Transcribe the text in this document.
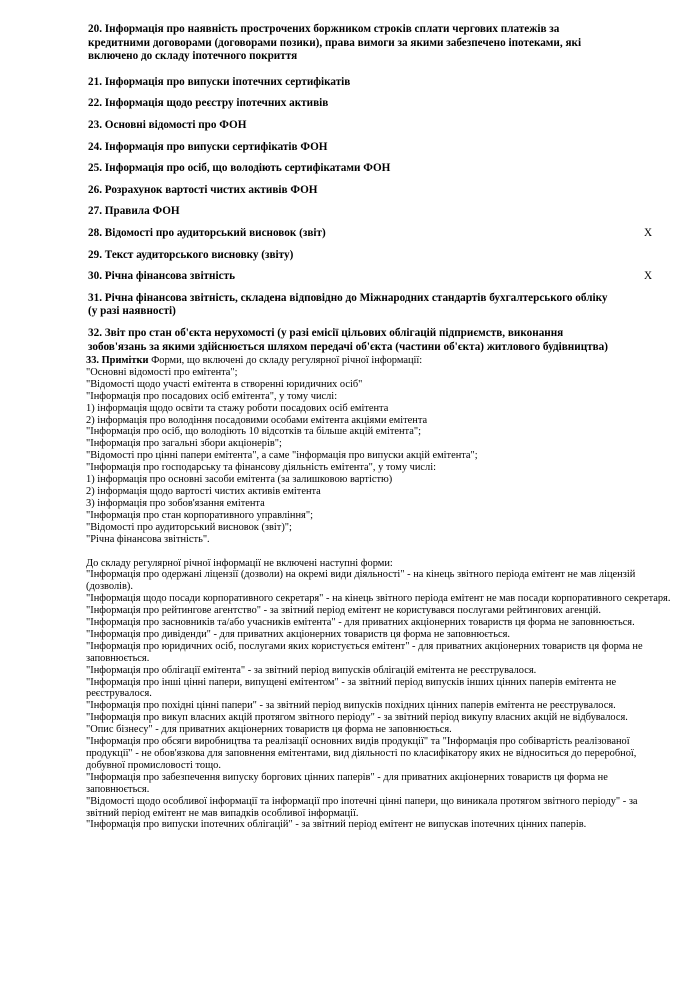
20. Інформація про наявність прострочених боржником строків сплати чергових платежів за кредитними договорами (договорами позики), права вимоги за якими забезпечено іпотеками, які включено до складу іпотечного покриття
21. Інформація про випуски іпотечних сертифікатів
22. Інформація щодо реєстру іпотечних активів
23. Основні відомості про ФОН
24. Інформація про випуски сертифікатів ФОН
25. Інформація про осіб, що володіють сертифікатами ФОН
26. Розрахунок вартості чистих активів ФОН
27. Правила ФОН
28. Відомості про аудиторський висновок (звіт)	X
29. Текст аудиторського висновку (звіту)
30. Річна фінансова звітність	X
31. Річна фінансова звітність, складена відповідно до Міжнародних стандартів бухгалтерського обліку (у разі наявності)
32. Звіт про стан об'єкта нерухомості (у разі емісії цільових облігацій підприємств, виконання зобов'язань за якими здійснюється шляхом передачі об'єкта (частини об'єкта) житлового будівництва)
33. Примітки Форми, що включені до складу регулярної річної інформації:
"Основні відомості про емітента";
"Відомості щодо участі емітента в створенні юридичних осіб"
"Інформація про посадових осіб емітента", у тому числі:
1) інформація щодо освіти та стажу роботи посадових осіб емітента
2) інформація про володіння посадовими особами емітента акціями емітента
"Інформація про осіб, що володіють 10 відсотків та більше акцій емітента";
"Інформація про загальні збори акціонерів";
"Відомості про цінні папери емітента", а саме "інформація про випуски акцій емітента";
"Інформація про господарську та фінансову діяльність емітента", у тому числі:
1) інформація про основні засоби емітента (за залишковою вартістю)
2) інформація щодо вартості чистих активів емітента
3) інформація про зобов'язання емітента
"Інформація про стан корпоративного управління";
"Відомості про аудиторський висновок (звіт)";
"Річна фінансова звітність".
До складу регулярної річної інформації не включені наступні форми:
"Інформація про одержані ліцензії (дозволи) на окремі види діяльності" - на кінець звітного періода емітент не мав ліцензій (дозволів).
"Інформація щодо посади корпоративного секретаря" - на кінець звітного періода емітент не мав посади корпоративного секретаря.
"Інформація про рейтингове агентство" - за звітний період емітент не користувався послугами рейтингових агенцій.
"Інформація про засновників та/або учасників емітента" - для приватних акціонерних товариств ця форма не заповнюється.
"Інформація про дивіденди" - для приватних акціонерних товариств ця форма не заповнюється.
"Інформація про юридичних осіб, послугами яких користується емітент" - для приватних акціонерних товариств ця форма не заповнюється.
"Інформація про облігації емітента" - за звітний період випусків облігацій емітента не реєструвалося.
"Інформація про інші цінні папери, випущені емітентом" - за звітний період випусків інших цінних паперів емітента не реєструвалося.
"Інформація про похідні цінні папери" - за звітний період випусків похідних цінних паперів емітента не реєструвалося.
"Інформація про викуп власних акцій протягом звітного періоду" - за звітний період викупу власних акцій не відбувалося.
"Опис бізнесу" - для приватних акціонерних товариств ця форма не заповнюється.
"Інформація про обсяги виробництва та реалізації основних видів продукції" та "Інформація про собівартість реалізованої продукції" - не обов'язкова для заповнення емітентами, вид діяльності по класифікатору яких не відноситься до переробної, добувної промисловості тощо.
"Інформація про забезпечення випуску боргових цінних паперів" - для приватних акціонерних товариств ця форма не заповнюється.
"Відомості щодо особливої інформації та інформації про іпотечні цінні папери, що виникала протягом звітного періоду" - за звітний період емітент не мав випадків особливої інформації.
"Інформація про випуски іпотечних облігацій" - за звітний період емітент не випускав іпотечних цінних паперів.
